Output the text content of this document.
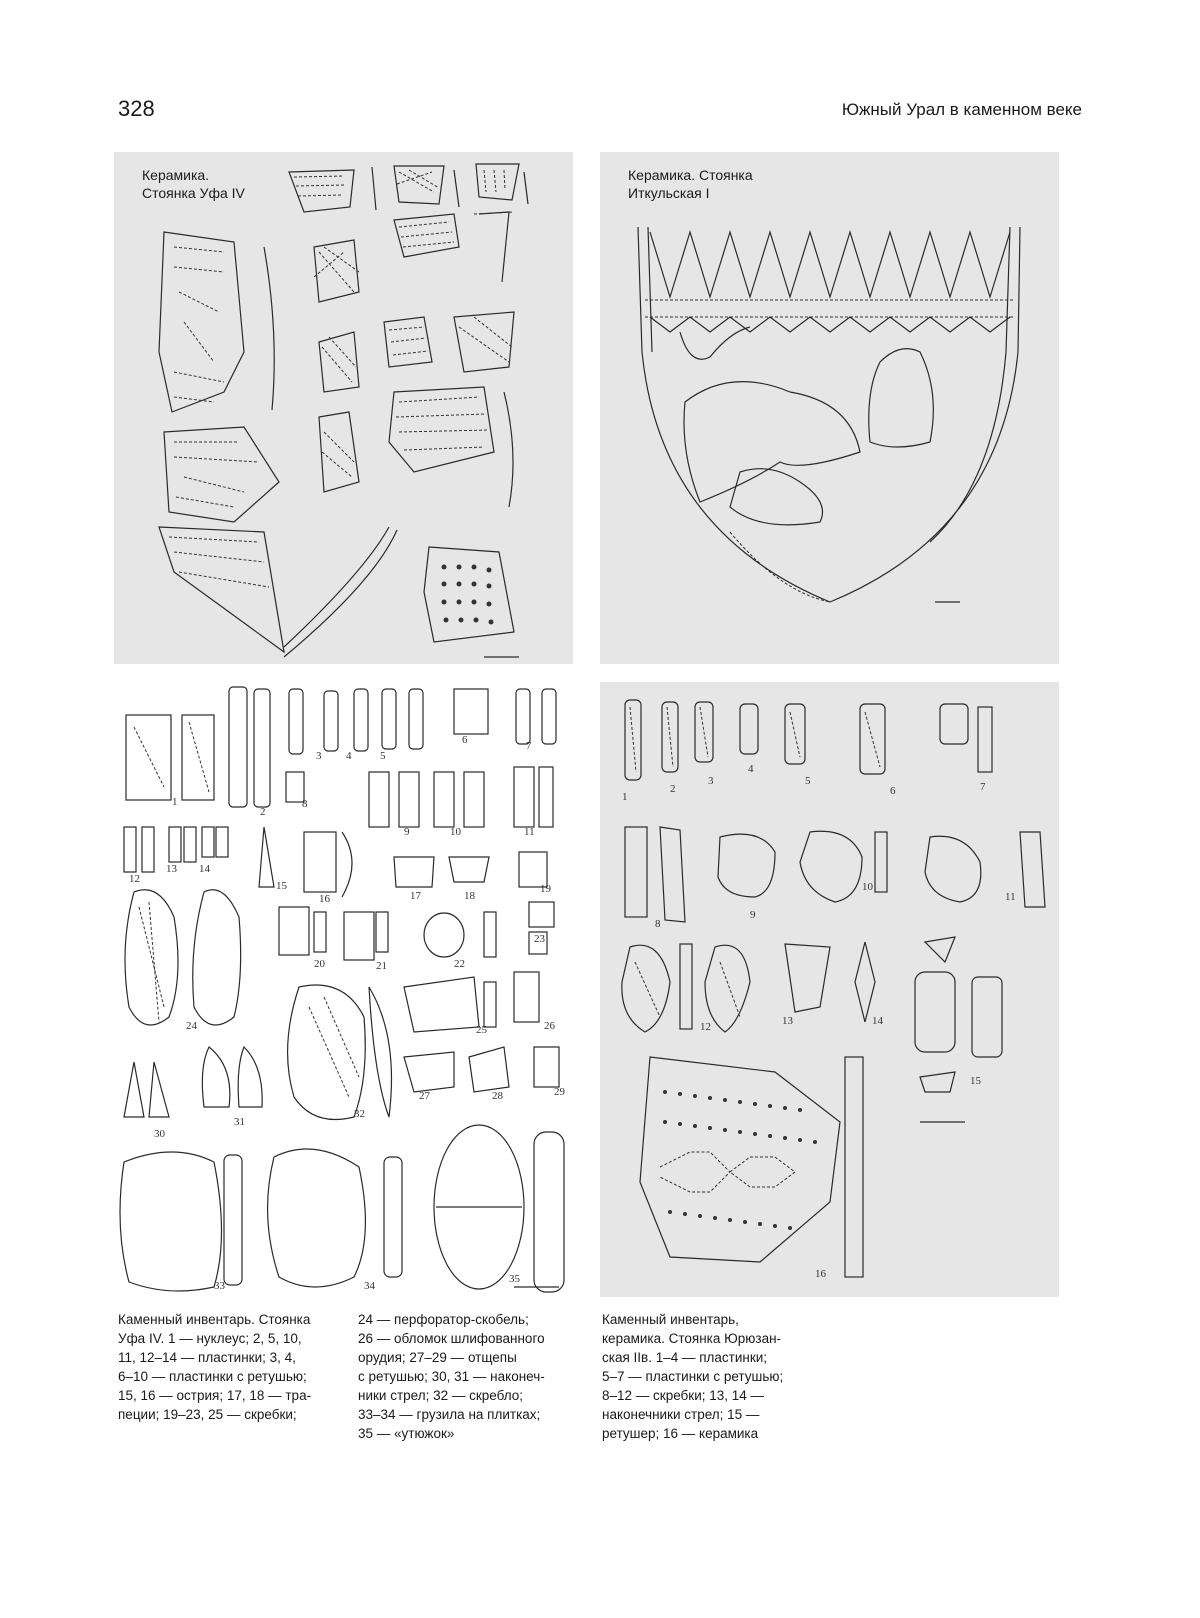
328	Южный Урал в каменном веке
Керамика.
Стоянка Уфа IV
Керамика. Стоянка
Иткульская I
1
2
3 4	5
6	7
8
9	10	11
12
13 14
15
16	17	18
19
20	21	22
23
24	25	26
27	28	29
30
31
32
33	34
35
1
2
3
4
5
6	7
8
9
10
11
12	13	14
15
16
Каменный инвентарь. Стоянка
Уфа IV. 1 — нуклеус; 2, 5, 10,
11, 12–14 — пластинки; 3, 4,
6–10 — пластинки с ретушью;
15, 16 — острия; 17, 18 — тра-
пеции; 19–23, 25 — скребки;
24 — перфоратор-скобель;
26 — обломок шлифованного
орудия; 27–29 — отщепы
с ретушью; 30, 31 — наконеч-
ники стрел; 32 — скребло;
33–34 — грузила на плитках;
35 — «утюжок»
Каменный инвентарь,
керамика. Стоянка Юрюзан-
ская IIв. 1–4 — пластинки;
5–7 — пластинки с ретушью;
8–12 — скребки; 13, 14 —
наконечники стрел; 15 —
ретушер; 16 — керамика
